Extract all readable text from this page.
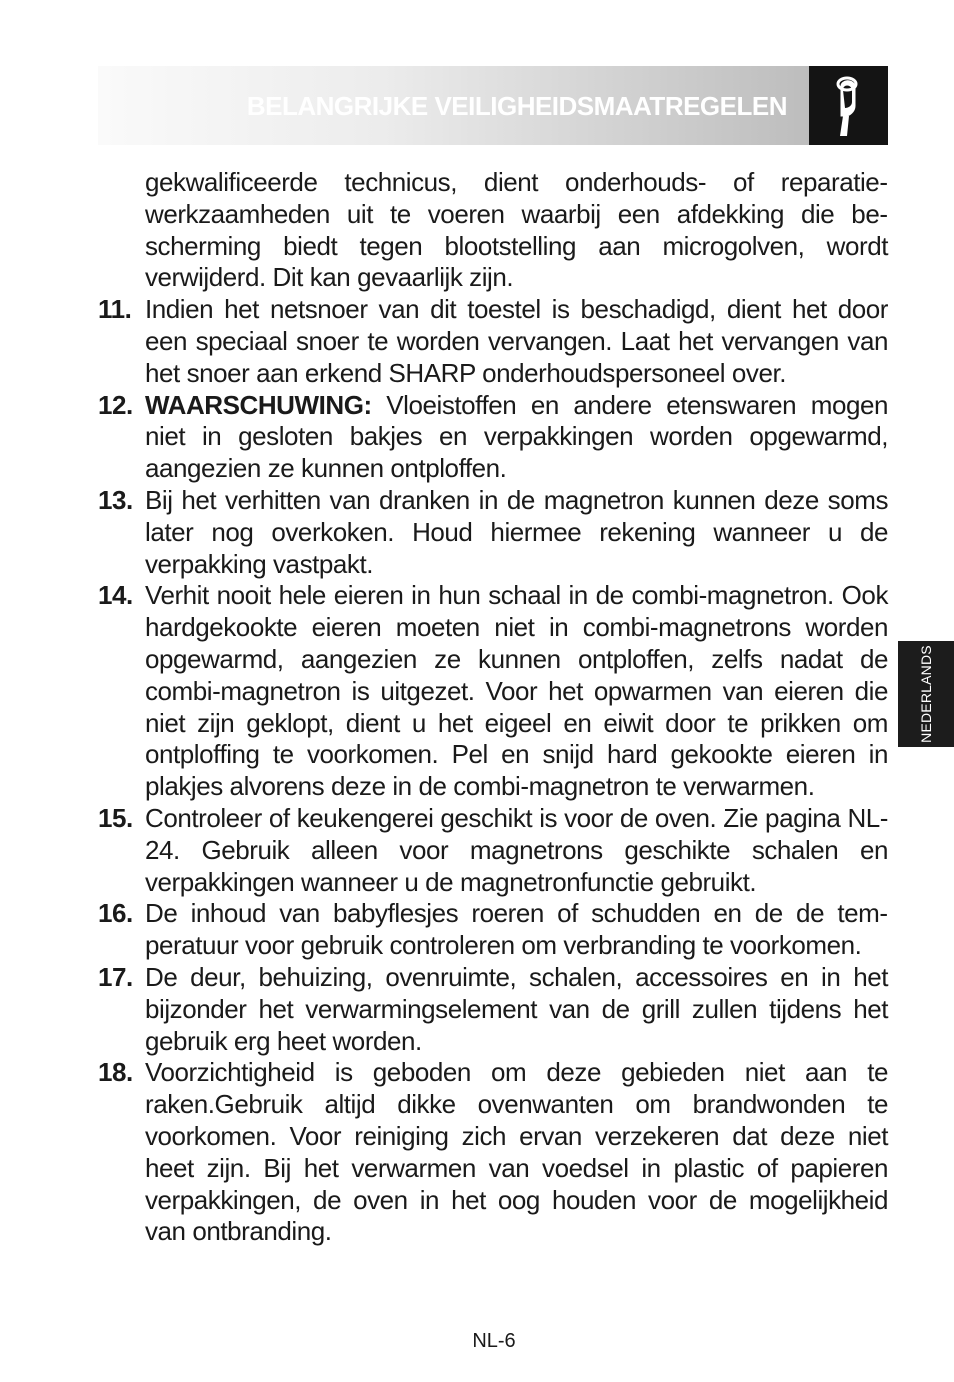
BELANGRIJKE VEILIGHEIDSMAATREGELEN

gekwalificeerde technicus, dient onderhouds- of reparatiewerkzaamheden uit te voeren waarbij een afdekking die bescherming biedt tegen blootstelling aan microgolven, wordt verwijderd. Dit kan gevaarlijk zijn.

11. Indien het netsnoer van dit toestel is beschadigd, dient het door een speciaal snoer te worden vervangen. Laat het vervangen van het snoer aan erkend SHARP onderhoudspersoneel over.

12. WAARSCHUWING: Vloeistoffen en andere etenswaren mogen niet in gesloten bakjes en verpakkingen worden opgewarmd, aangezien ze kunnen ontploffen.

13. Bij het verhitten van dranken in de magnetron kunnen deze soms later nog overkoken. Houd hiermee rekening wanneer u de verpakking vastpakt.

14. Verhit nooit hele eieren in hun schaal in de combi-magnetron. Ook hardgekookte eieren moeten niet in combi-magnetrons worden opgewarmd, aangezien ze kunnen ontploffen, zelfs nadat de combi-magnetron is uitgezet. Voor het opwarmen van eieren die niet zijn geklopt, dient u het eigeel en eiwit door te prikken om ontploffing te voorkomen. Pel en snijd hard gekookte eieren in plakjes alvorens deze in de combi-magnetron te verwarmen.

15. Controleer of keukengerei geschikt is voor de oven. Zie pagina NL-24. Gebruik alleen voor magnetrons geschikte schalen en verpakkingen wanneer u de magnetronfunctie gebruikt.

16. De inhoud van babyflesjes roeren of schudden en de de temperatuur voor gebruik controleren om verbranding te voorkomen.

17. De deur, behuizing, ovenruimte, schalen, accessoires en in het bijzonder het verwarmingselement van de grill zullen tijdens het gebruik erg heet worden.

18. Voorzichtigheid is geboden om deze gebieden niet aan te raken.Gebruik altijd dikke ovenwanten om brandwonden te voorkomen. Voor reiniging zich ervan verzekeren dat deze niet heet zijn. Bij het verwarmen van voedsel in plastic of papieren verpakkingen, de oven in het oog houden voor de mogelijkheid van ontbranding.

NEDERLANDS
NL-6
